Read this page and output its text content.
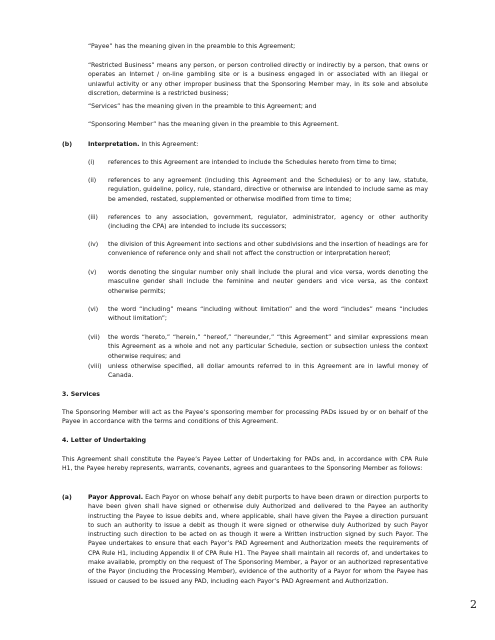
“Payee” has the meaning given in the preamble to this Agreement;

“Restricted Business” means any person, or person controlled directly or indirectly by a person, that owns or operates an Internet / on-line gambling site or is a business engaged in or associated with an illegal or unlawful activity or any other improper business that the Sponsoring Member may, in its sole and absolute discretion, determine is a restricted business;

“Services” has the meaning given in the preamble to this Agreement; and

“Sponsoring Member” has the meaning given in the preamble to this Agreement.

(b)	Interpretation. In this Agreement:

(i) references to this Agreement are intended to include the Schedules hereto from time to time;

(ii) references to any agreement (including this Agreement and the Schedules) or to any law, statute, regulation, guideline, policy, rule, standard, directive or otherwise are intended to include same as may be amended, restated, supplemented or otherwise modified from time to time;

(iii) references to any association, government, regulator, administrator, agency or other authority (including the CPA) are intended to include its successors;

(iv) the division of this Agreement into sections and other subdivisions and the insertion of headings are for convenience of reference only and shall not affect the construction or interpretation hereof;

(v) words denoting the singular number only shall include the plural and vice versa, words denoting the masculine gender shall include the feminine and neuter genders and vice versa, as the context otherwise permits;

(vi) the word “including” means “including without limitation” and the word “includes” means “includes without limitation”;

(vii) the words “hereto,” “herein,” “hereof,” “hereunder,” “this Agreement” and similar expressions mean this Agreement as a whole and not any particular Schedule, section or subsection unless the context otherwise requires; and

(viii) unless otherwise specified, all dollar amounts referred to in this Agreement are in lawful money of Canada.

3. Services

The Sponsoring Member will act as the Payee’s sponsoring member for processing PADs issued by or on behalf of the Payee in accordance with the terms and conditions of this Agreement.

4. Letter of Undertaking

This Agreement shall constitute the Payee’s Payee Letter of Undertaking for PADs and, in accordance with CPA Rule H1, the Payee hereby represents, warrants, covenants, agrees and guarantees to the Sponsoring Member as follows:

(a)	Payor Approval. Each Payor on whose behalf any debit purports to have been drawn or direction purports to have been given shall have signed or otherwise duly Authorized and delivered to the Payee an authority instructing the Payee to issue debits and, where applicable, shall have given the Payee a direction pursuant to such an authority to issue a debit as though it were signed or otherwise duly Authorized by such Payor instructing such direction to be acted on as though it were a Written instruction signed by such Payor. The Payee undertakes to ensure that each Payor’s PAD Agreement and Authorization meets the requirements of CPA Rule H1, including Appendix II of CPA Rule H1. The Payee shall maintain all records of, and undertakes to make available, promptly on the request of The Sponsoring Member, a Payor or an authorized representative of the Payor (including the Processing Member), evidence of the authority of a Payor for whom the Payee has issued or caused to be issued any PAD, including each Payor’s PAD Agreement and Authorization.

2
